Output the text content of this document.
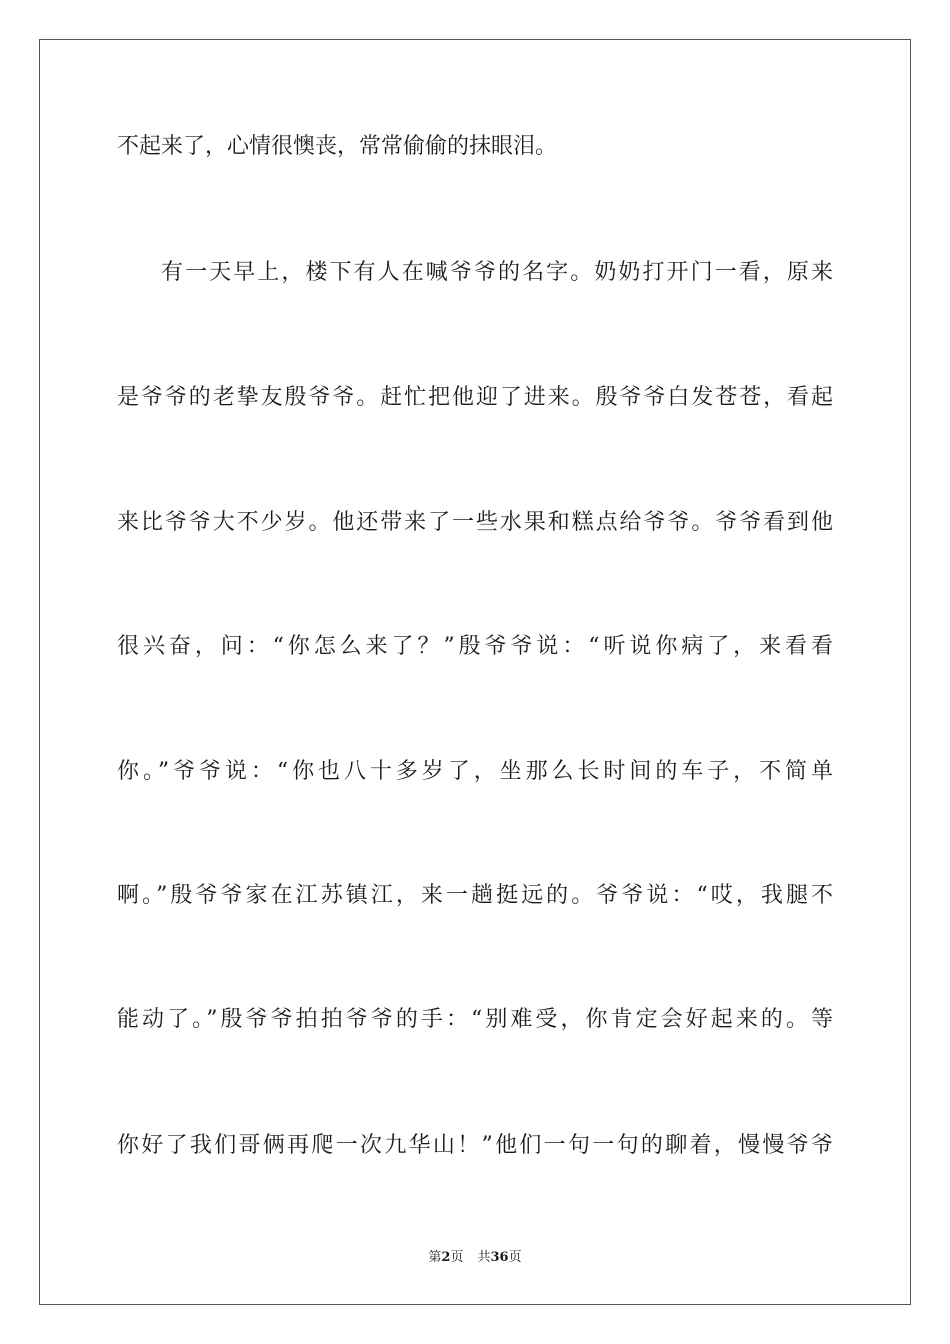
不起来了，心情很懊丧，常常偷偷的抹眼泪。
有一天早上，楼下有人在喊爷爷的名字。奶奶打开门一看，原来
是爷爷的老挚友殷爷爷。赶忙把他迎了进来。殷爷爷白发苍苍，看起
来比爷爷大不少岁。他还带来了一些水果和糕点给爷爷。爷爷看到他
很兴奋，问：“你怎么来了？”殷爷爷说：“听说你病了，来看看
你。”爷爷说：“你也八十多岁了，坐那么长时间的车子，不简单
啊。”殷爷爷家在江苏镇江，来一趟挺远的。爷爷说：“哎，我腿不
能动了。”殷爷爷拍拍爷爷的手：“别难受，你肯定会好起来的。等
你好了我们哥俩再爬一次九华山！”他们一句一句的聊着，慢慢爷爷
第2页 共36页
